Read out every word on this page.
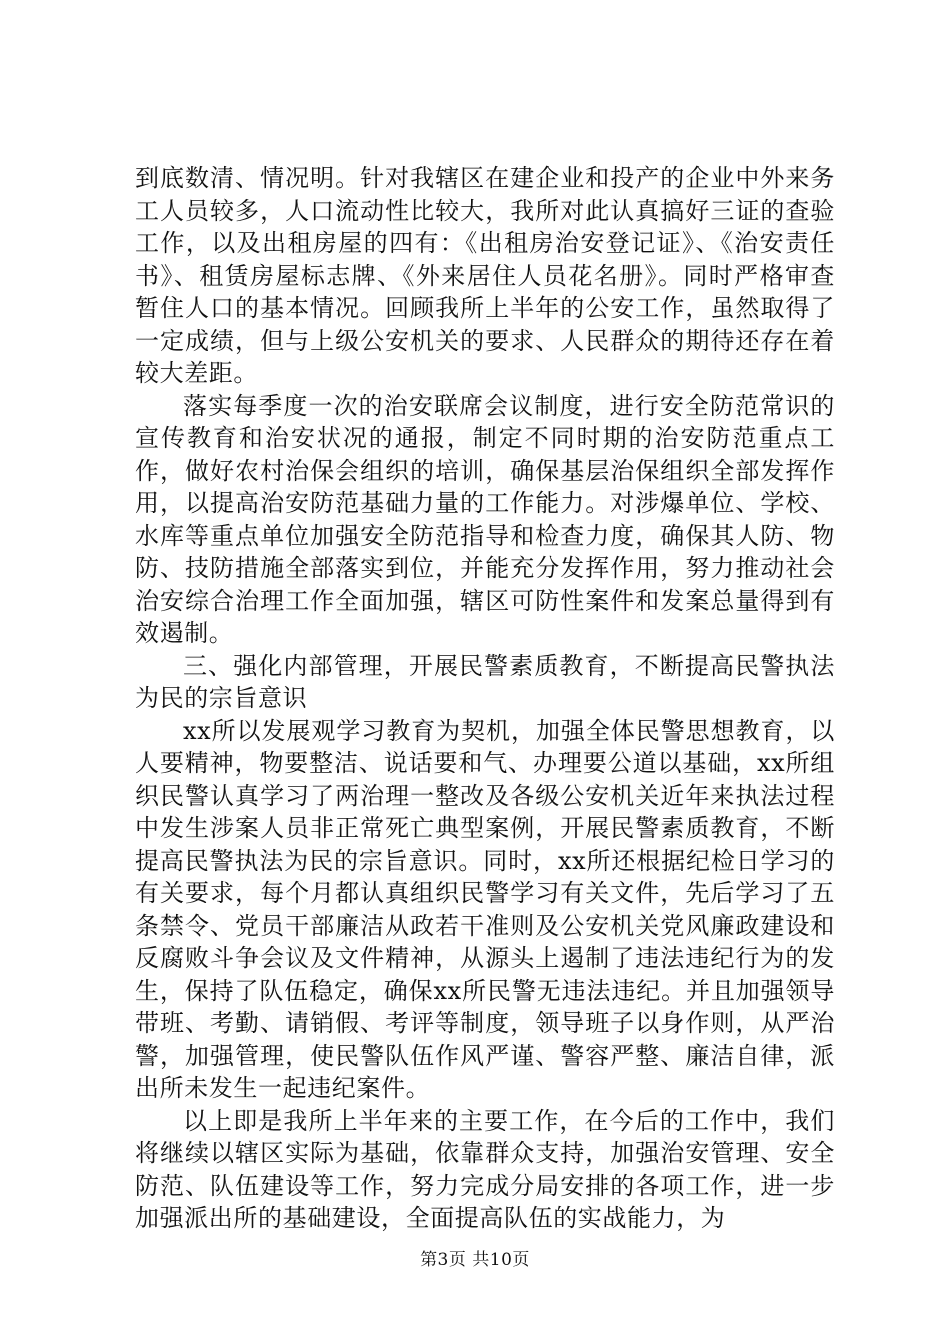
到底数清、情况明。针对我辖区在建企业和投产的企业中外来务工人员较多，人口流动性比较大，我所对此认真搞好三证的查验工作，以及出租房屋的四有：《出租房治安登记证》、《治安责任书》、租赁房屋标志牌、《外来居住人员花名册》。同时严格审查暂住人口的基本情况。回顾我所上半年的公安工作，虽然取得了一定成绩，但与上级公安机关的要求、人民群众的期待还存在着较大差距。

落实每季度一次的治安联席会议制度，进行安全防范常识的宣传教育和治安状况的通报，制定不同时期的治安防范重点工作，做好农村治保会组织的培训，确保基层治保组织全部发挥作用，以提高治安防范基础力量的工作能力。对涉爆单位、学校、水库等重点单位加强安全防范指导和检查力度，确保其人防、物防、技防措施全部落实到位，并能充分发挥作用，努力推动社会治安综合治理工作全面加强，辖区可防性案件和发案总量得到有效遏制。

三、强化内部管理，开展民警素质教育，不断提高民警执法为民的宗旨意识

xx所以发展观学习教育为契机，加强全体民警思想教育，以人要精神，物要整洁、说话要和气、办理要公道以基础，xx所组织民警认真学习了两治理一整改及各级公安机关近年来执法过程中发生涉案人员非正常死亡典型案例，开展民警素质教育，不断提高民警执法为民的宗旨意识。同时，xx所还根据纪检日学习的有关要求，每个月都认真组织民警学习有关文件，先后学习了五条禁令、党员干部廉洁从政若干准则及公安机关党风廉政建设和反腐败斗争会议及文件精神，从源头上遏制了违法违纪行为的发生，保持了队伍稳定，确保xx所民警无违法违纪。并且加强领导带班、考勤、请销假、考评等制度，领导班子以身作则，从严治警，加强管理，使民警队伍作风严谨、警容严整、廉洁自律，派出所未发生一起违纪案件。

以上即是我所上半年来的主要工作，在今后的工作中，我们将继续以辖区实际为基础，依靠群众支持，加强治安管理、安全防范、队伍建设等工作，努力完成分局安排的各项工作，进一步加强派出所的基础建设，全面提高队伍的实战能力，为

第3页 共10页
